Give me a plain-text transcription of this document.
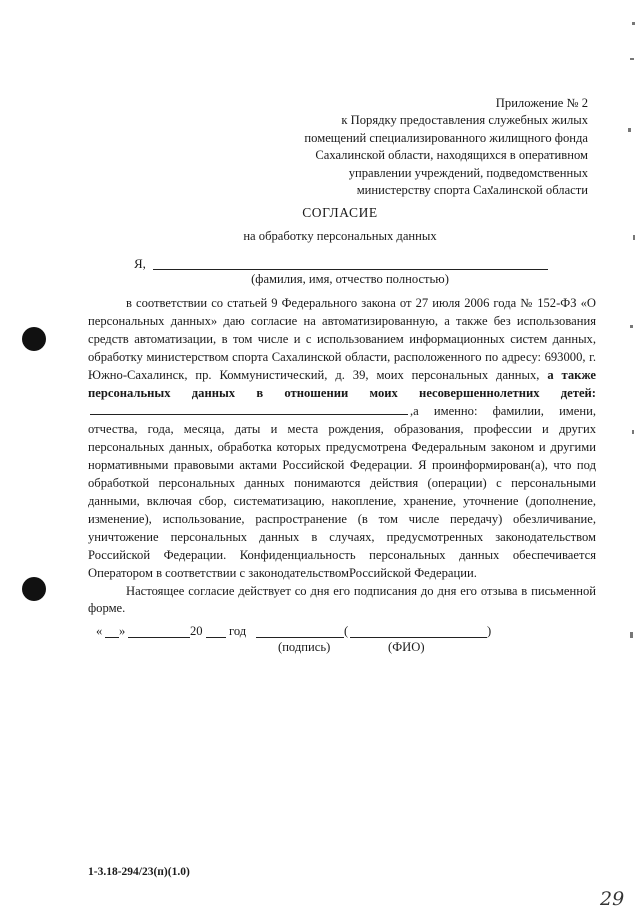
Приложение № 2
к Порядку предоставления служебных жилых
помещений специализированного жилищного фонда
Сахалинской области, находящихся в оперативном
управлении учреждений, подведомственных
министерству спорта Сахалинской области
СОГЛАСИЕ
на обработку персональных данных
Я,
(фамилия, имя, отчество полностью)

в соответствии со статьей 9 Федерального закона от 27 июля 2006 года № 152-ФЗ «О персональных данных» даю согласие на автоматизированную, а также без использования средств автоматизации, в том числе и с использованием информационных систем данных, обработку министерством спорта Сахалинской области, расположенного по адресу: 693000, г. Южно-Сахалинск, пр. Коммунистический, д. 39, моих персональных данных, а также персональных данных в отношении моих несовершеннолетних детей:,а именно: фамилии, имени, отчества, года, месяца, даты и места рождения, образования, профессии и других персональных данных, обработка которых предусмотрена Федеральным законом и другими нормативными правовыми актами Российской Федерации. Я проинформирован(а), что под обработкой персональных данных понимаются действия (операции) с персональными данными, включая сбор, систематизацию, накопление, хранение, уточнение (дополнение, изменение), использование, распространение (в том числе передачу) обезличивание, уничтожение персональных данных в случаях, предусмотренных законодательством Российской Федерации. Конфиденциальность персональных данных обеспечивается Оператором в соответствии с законодательствомРоссийской Федерации.

Настоящее согласие действует со дня его подписания до дня его отзыва в письменной форме.

« »	20 год	(	)
(подпись)	(ФИО)
1-3.18-294/23(п)(1.0)
29
